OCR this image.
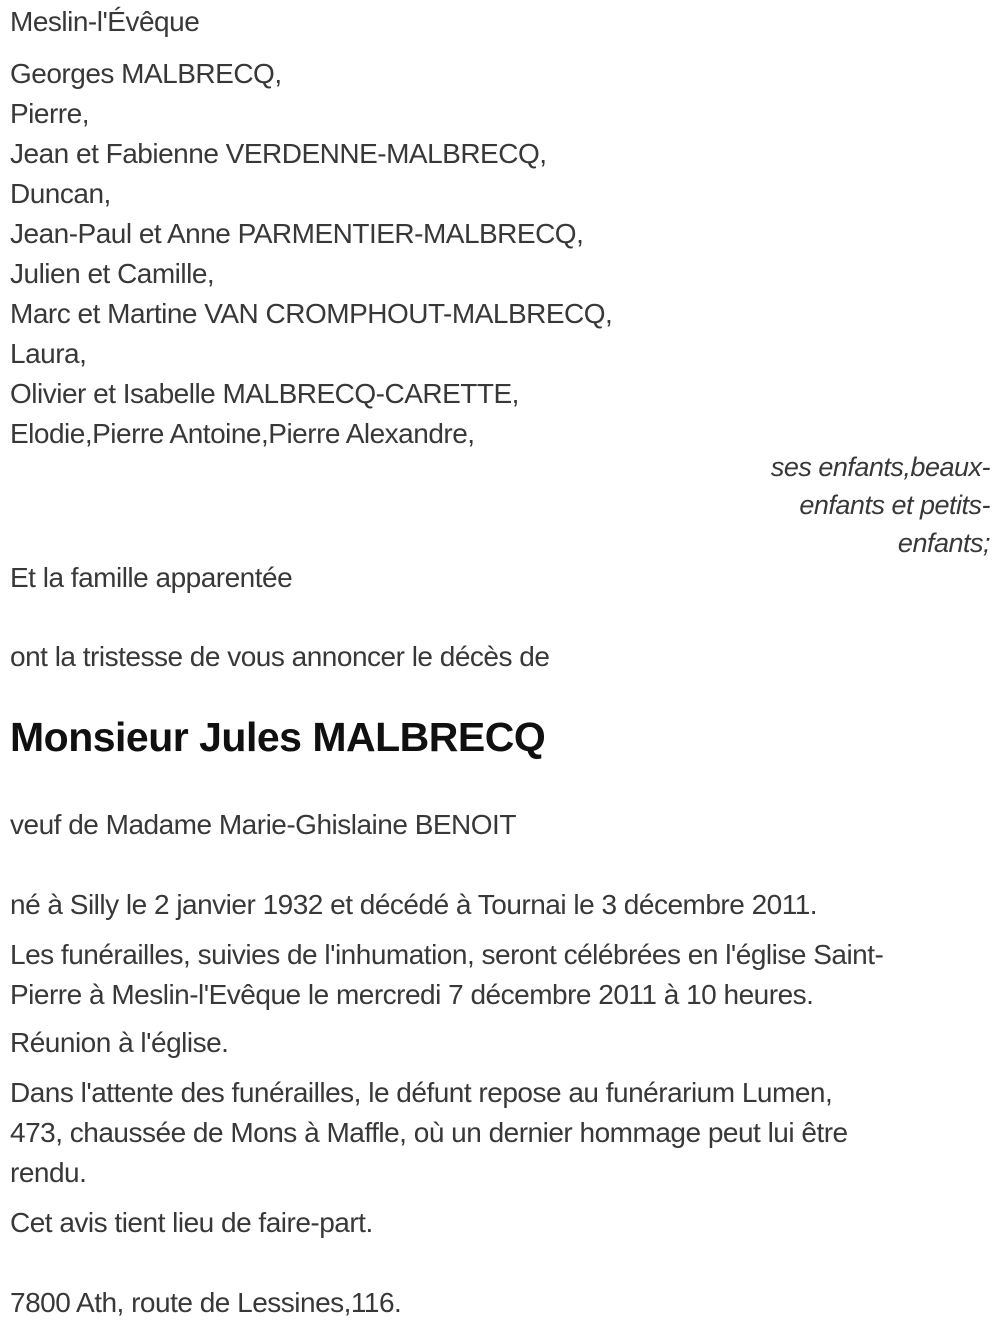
Meslin-l'Évêque
Georges MALBRECQ,
Pierre,
Jean et Fabienne VERDENNE-MALBRECQ,
Duncan,
Jean-Paul et Anne PARMENTIER-MALBRECQ,
Julien et Camille,
Marc et Martine VAN CROMPHOUT-MALBRECQ,
Laura,
Olivier et Isabelle MALBRECQ-CARETTE,
Elodie,Pierre Antoine,Pierre Alexandre,
ses enfants,beaux-
enfants et petits-
enfants;
Et la famille apparentée
ont la tristesse de vous annoncer le décès de
Monsieur Jules MALBRECQ
veuf de Madame Marie-Ghislaine BENOIT
né à Silly le 2 janvier 1932 et décédé à Tournai le 3 décembre 2011.
Les funérailles, suivies de l'inhumation, seront célébrées en l'église Saint-
Pierre à Meslin-l'Evêque le mercredi 7 décembre 2011 à 10 heures.
Réunion à l'église.
Dans l'attente des funérailles, le défunt repose au funérarium Lumen,
473, chaussée de Mons à Maffle, où un dernier hommage peut lui être
rendu.
Cet avis tient lieu de faire-part.
7800 Ath, route de Lessines,116.
